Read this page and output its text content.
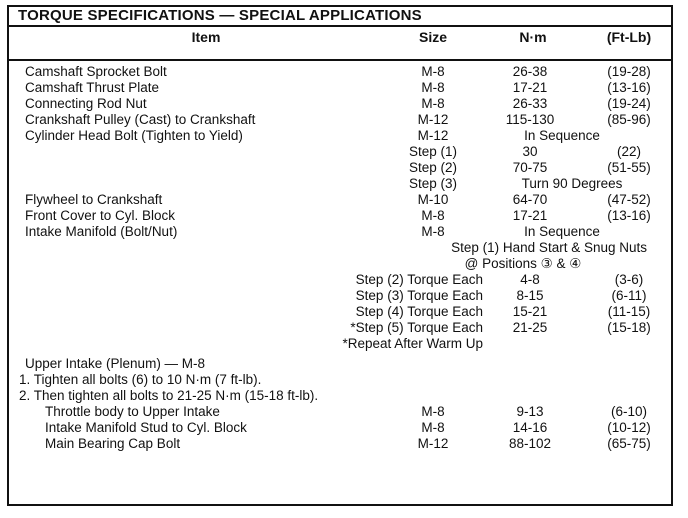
TORQUE SPECIFICATIONS — SPECIAL APPLICATIONS
Item	Size	N·m	(Ft-Lb)
Camshaft Sprocket Bolt	M-8	26-38	(19-28)
Camshaft Thrust Plate	M-8	17-21	(13-16)
Connecting Rod Nut	M-8	26-33	(19-24)
Crankshaft Pulley (Cast) to Crankshaft	M-12	115-130	(85-96)
Cylinder Head Bolt (Tighten to Yield)	M-12	In Sequence
Step (1)	30	(22)
Step (2)	70-75	(51-55)
Step (3)	Turn 90 Degrees
Flywheel to Crankshaft	M-10	64-70	(47-52)
Front Cover to Cyl. Block	M-8	17-21	(13-16)
Intake Manifold (Bolt/Nut)	M-8	In Sequence
Step (1) Hand Start & Snug Nuts
@ Positions ③ & ④
Step (2) Torque Each	4-8	(3-6)
Step (3) Torque Each 8-15	(6-11)
Step (4) Torque Each 15-21	(11-15)
*Step (5) Torque Each 21-25	(15-18)
*Repeat After Warm Up
Upper Intake (Plenum) — M-8
1. Tighten all bolts (6) to 10 N·m (7 ft-lb).
2. Then tighten all bolts to 21-25 N·m (15-18 ft-lb).
Throttle body to Upper Intake	M-8	9-13	(6-10)
Intake Manifold Stud to Cyl. Block	M-8	14-16	(10-12)
Main Bearing Cap Bolt	M-12	88-102	(65-75)
